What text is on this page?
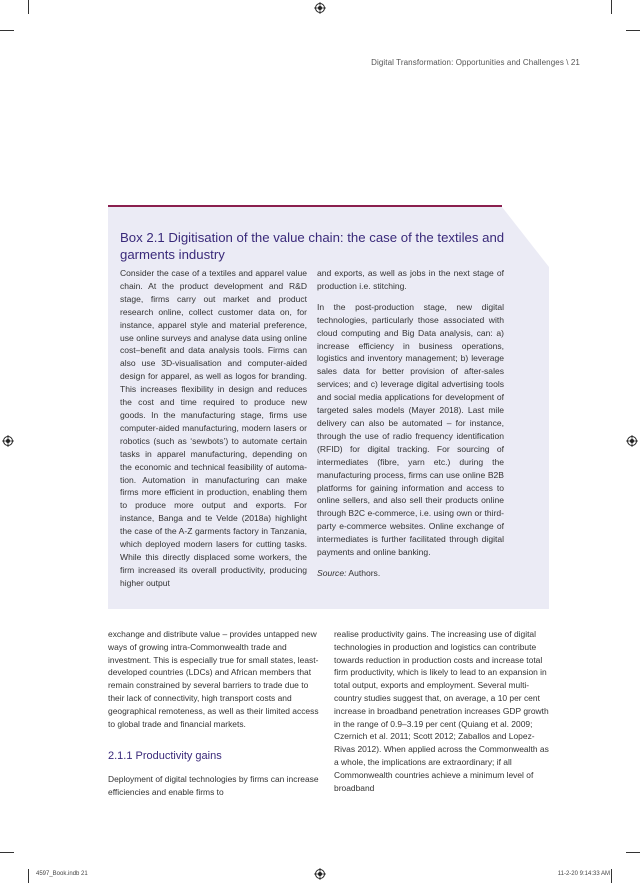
Digital Transformation: Opportunities and Challenges \ 21
Box 2.1 Digitisation of the value chain: the case of the textiles and garments industry

Consider the case of a textiles and apparel value chain. At the product development and R&D stage, firms carry out market and product research online, collect customer data on, for instance, apparel style and material preference, use online surveys and analyse data using online cost–benefit and data analysis tools. Firms can also use 3D-visualisation and computer-aided design for apparel, as well as logos for branding. This increases flexibility in design and reduces the cost and time required to produce new goods. In the manufacturing stage, firms use computer-aided manufacturing, modern lasers or robotics (such as ‘sewbots’) to automate certain tasks in apparel manufacturing, depending on the economic and technical feasibility of automation. Automation in manufacturing can make firms more efficient in production, enabling them to produce more output and exports. For instance, Banga and te Velde (2018a) highlight the case of the A-Z garments factory in Tanzania, which deployed modern lasers for cutting tasks. While this directly displaced some workers, the firm increased its overall productivity, producing higher output

and exports, as well as jobs in the next stage of production i.e. stitching.

In the post-production stage, new digital technologies, particularly those associated with cloud computing and Big Data analysis, can: a) increase efficiency in business operations, logistics and inventory management; b) leverage sales data for better provision of after-sales services; and c) leverage digital advertising tools and social media applications for development of targeted sales models (Mayer 2018). Last mile delivery can also be automated – for instance, through the use of radio frequency identification (RFID) for digital tracking. For sourcing of intermediates (fibre, yarn etc.) during the manufacturing process, firms can use online B2B platforms for gaining information and access to online sellers, and also sell their products online through B2C e-commerce, i.e. using own or third-party e-commerce websites. Online exchange of intermediates is further facilitated through digital payments and online banking.

Source: Authors.

exchange and distribute value – provides untapped new ways of growing intra-Commonwealth trade and investment. This is especially true for small states, least-developed countries (LDCs) and African members that remain constrained by several barriers to trade due to their lack of connectivity, high transport costs and geographical remoteness, as well as their limited access to global trade and financial markets.

2.1.1 Productivity gains

Deployment of digital technologies by firms can increase efficiencies and enable firms to

realise productivity gains. The increasing use of digital technologies in production and logistics can contribute towards reduction in production costs and increase total firm productivity, which is likely to lead to an expansion in total output, exports and employment. Several multi-country studies suggest that, on average, a 10 per cent increase in broadband penetration increases GDP growth in the range of 0.9–3.19 per cent (Quiang et al. 2009; Czernich et al. 2011; Scott 2012; Zaballos and Lopez-Rivas 2012). When applied across the Commonwealth as a whole, the implications are extraordinary; if all Commonwealth countries achieve a minimum level of broadband

4597_Book.indb 21	11-2-20 9:14:33 AM
